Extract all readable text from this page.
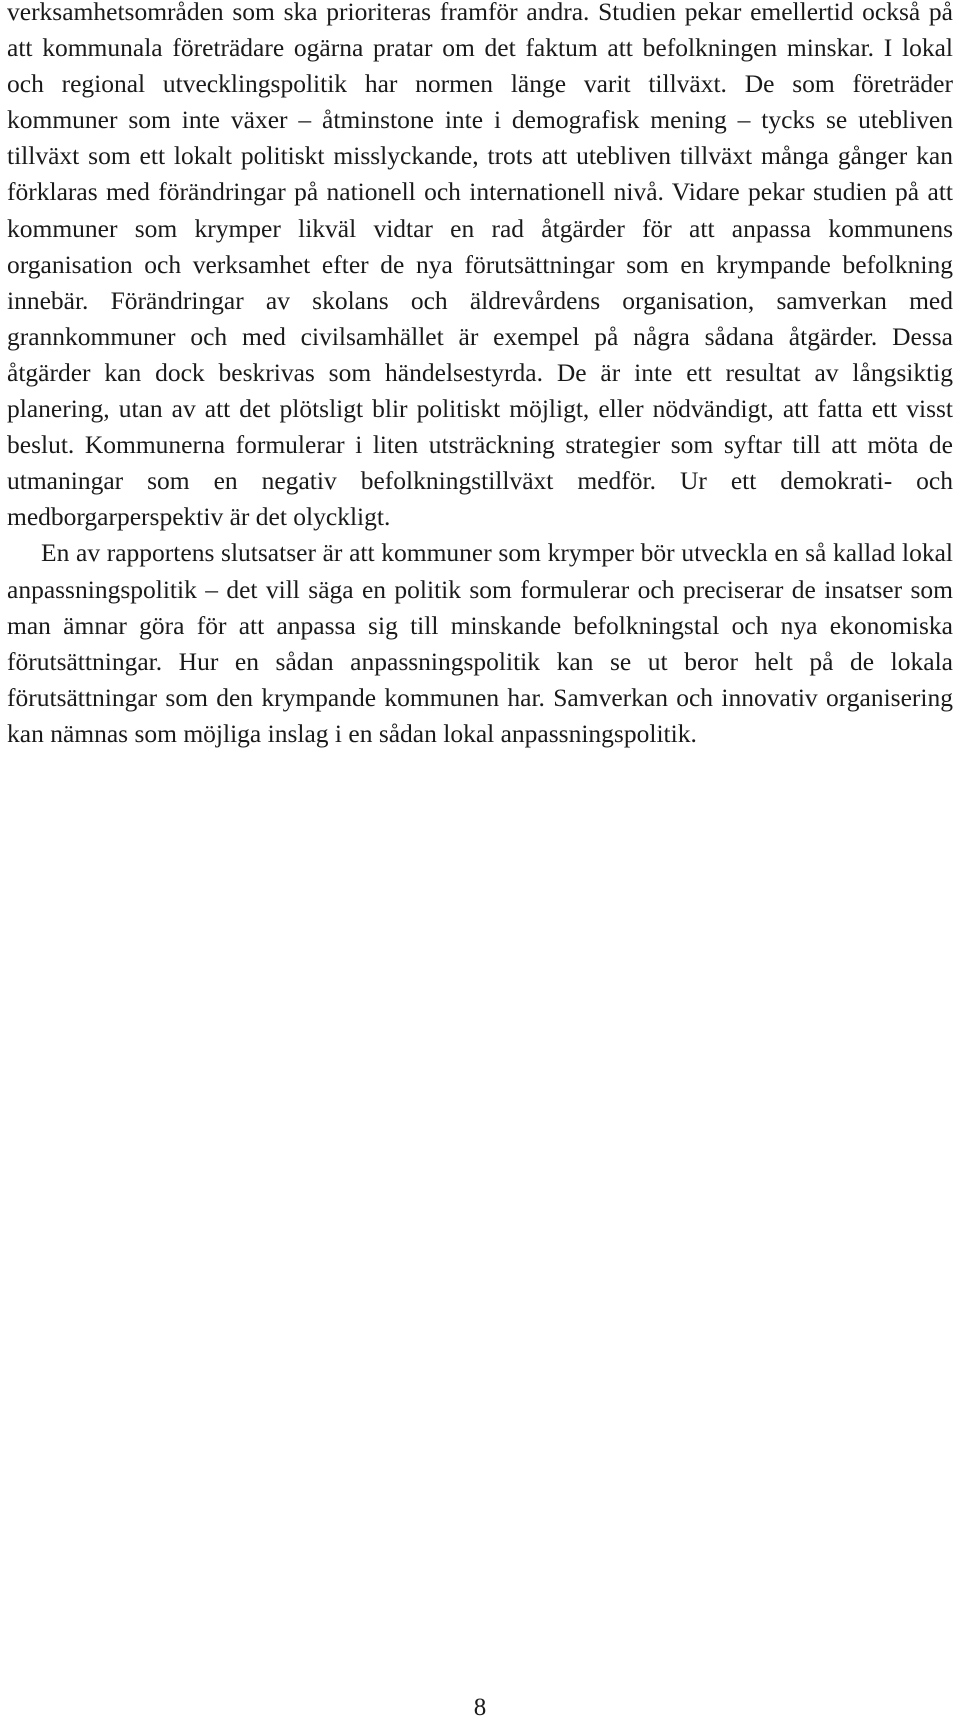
verksamhetsområden som ska prioriteras framför andra. Studien pekar emellertid också på att kommunala företrädare ogärna pratar om det faktum att befolkningen minskar. I lokal och regional utvecklingspolitik har normen länge varit tillväxt. De som företräder kommuner som inte växer – åtminstone inte i demografisk mening – tycks se utebliven tillväxt som ett lokalt politiskt misslyckande, trots att utebliven tillväxt många gånger kan förklaras med förändringar på nationell och internationell nivå. Vidare pekar studien på att kommuner som krymper likväl vidtar en rad åtgärder för att anpassa kommunens organisation och verksamhet efter de nya förutsättningar som en krympande befolkning innebär. Förändringar av skolans och äldrevårdens organisation, samverkan med grannkommuner och med civilsamhället är exempel på några sådana åtgärder. Dessa åtgärder kan dock beskrivas som händelsestyrda. De är inte ett resultat av långsiktig planering, utan av att det plötsligt blir politiskt möjligt, eller nödvändigt, att fatta ett visst beslut. Kommunerna formulerar i liten utsträckning strategier som syftar till att möta de utmaningar som en negativ befolkningstillväxt medför. Ur ett demokrati- och medborgarperspektiv är det olyckligt.

En av rapportens slutsatser är att kommuner som krymper bör utveckla en så kallad lokal anpassningspolitik – det vill säga en politik som formulerar och preciserar de insatser som man ämnar göra för att anpassa sig till minskande befolkningstal och nya ekonomiska förutsättningar. Hur en sådan anpassningspolitik kan se ut beror helt på de lokala förutsättningar som den krympande kommunen har. Samverkan och innovativ organisering kan nämnas som möjliga inslag i en sådan lokal anpassningspolitik.

8
